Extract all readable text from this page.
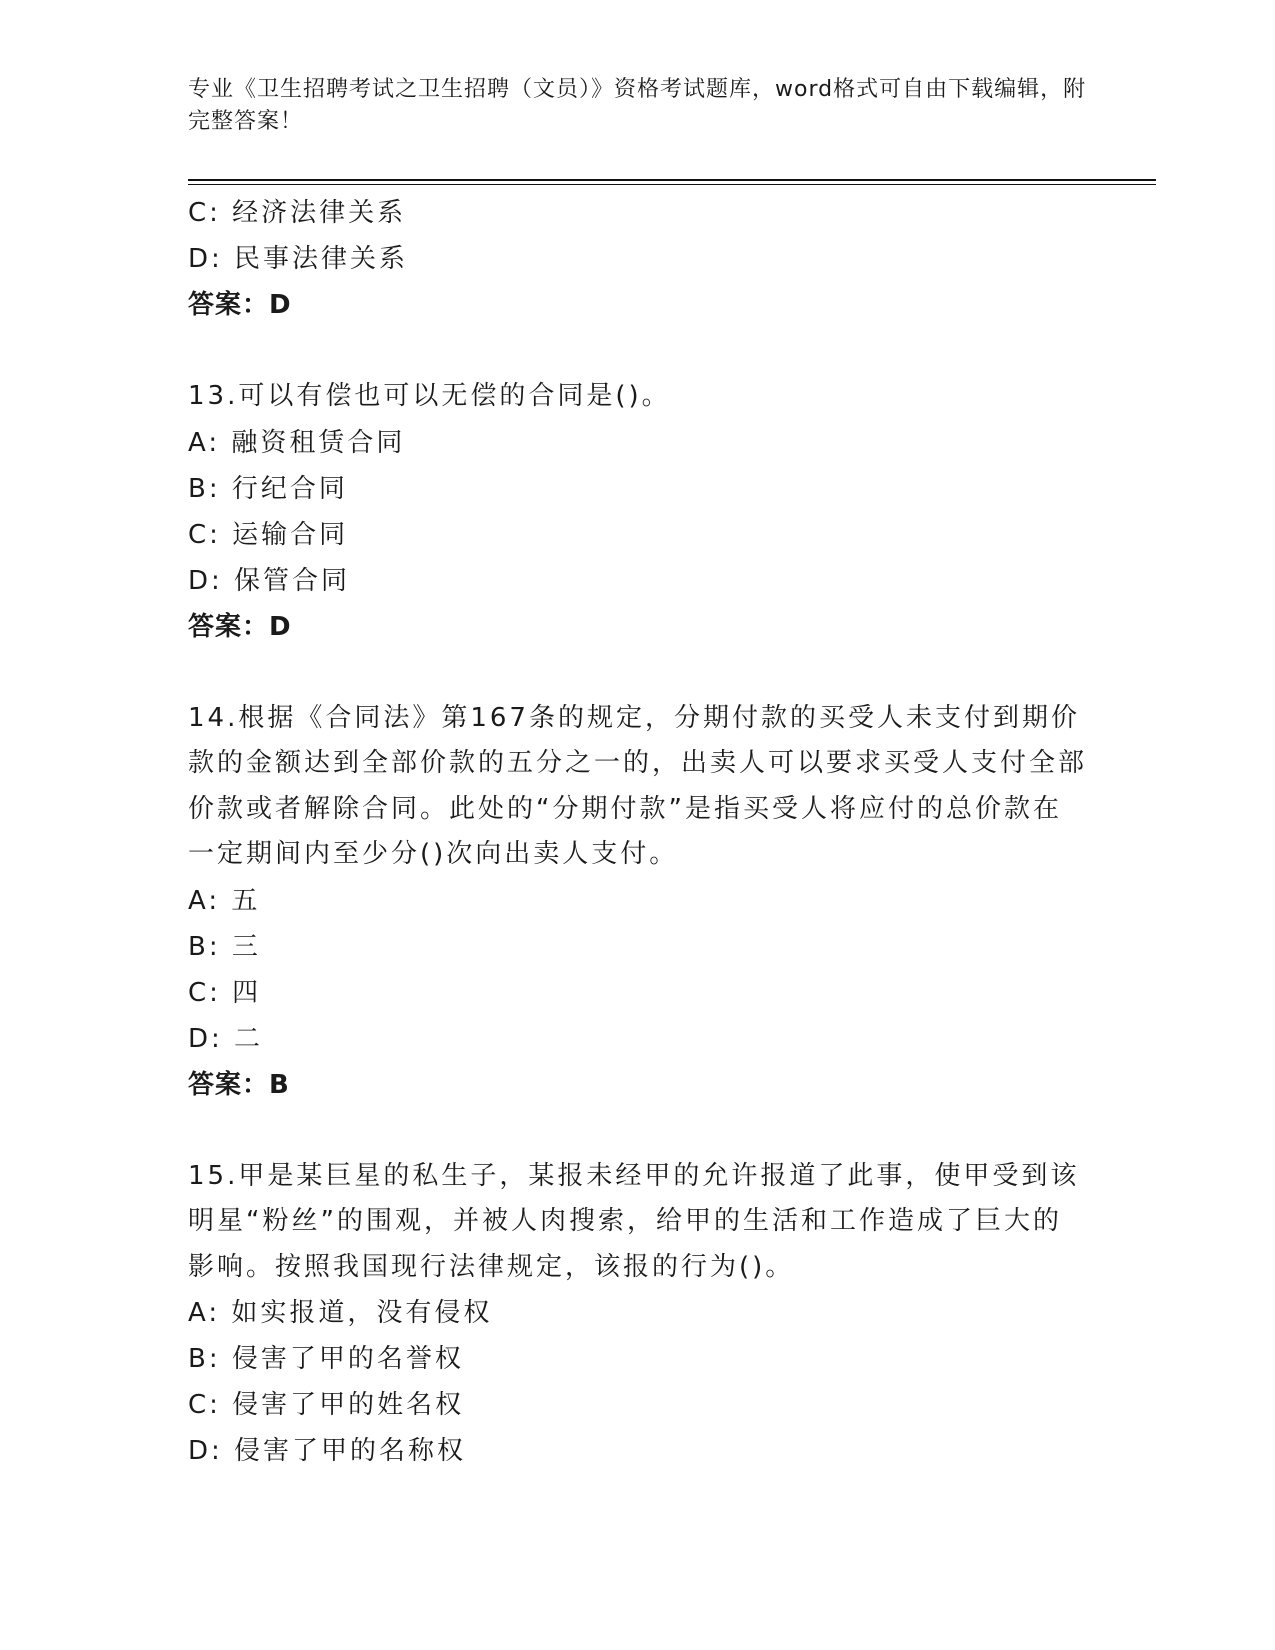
专业《卫生招聘考试之卫生招聘（文员）》资格考试题库，word格式可自由下载编辑，附完整答案！
C: 经济法律关系
D: 民事法律关系
答案：D
13.可以有偿也可以无偿的合同是()。
A: 融资租赁合同
B: 行纪合同
C: 运输合同
D: 保管合同
答案：D
14.根据《合同法》第167条的规定，分期付款的买受人未支付到期价款的金额达到全部价款的五分之一的，出卖人可以要求买受人支付全部价款或者解除合同。此处的“分期付款”是指买受人将应付的总价款在一定期间内至少分()次向出卖人支付。
A: 五
B: 三
C: 四
D: 二
答案：B
15.甲是某巨星的私生子，某报未经甲的允许报道了此事，使甲受到该明星“粉丝”的围观，并被人肉搜索，给甲的生活和工作造成了巨大的影响。按照我国现行法律规定，该报的行为()。
A: 如实报道，没有侵权
B: 侵害了甲的名誉权
C: 侵害了甲的姓名权
D: 侵害了甲的名称权
